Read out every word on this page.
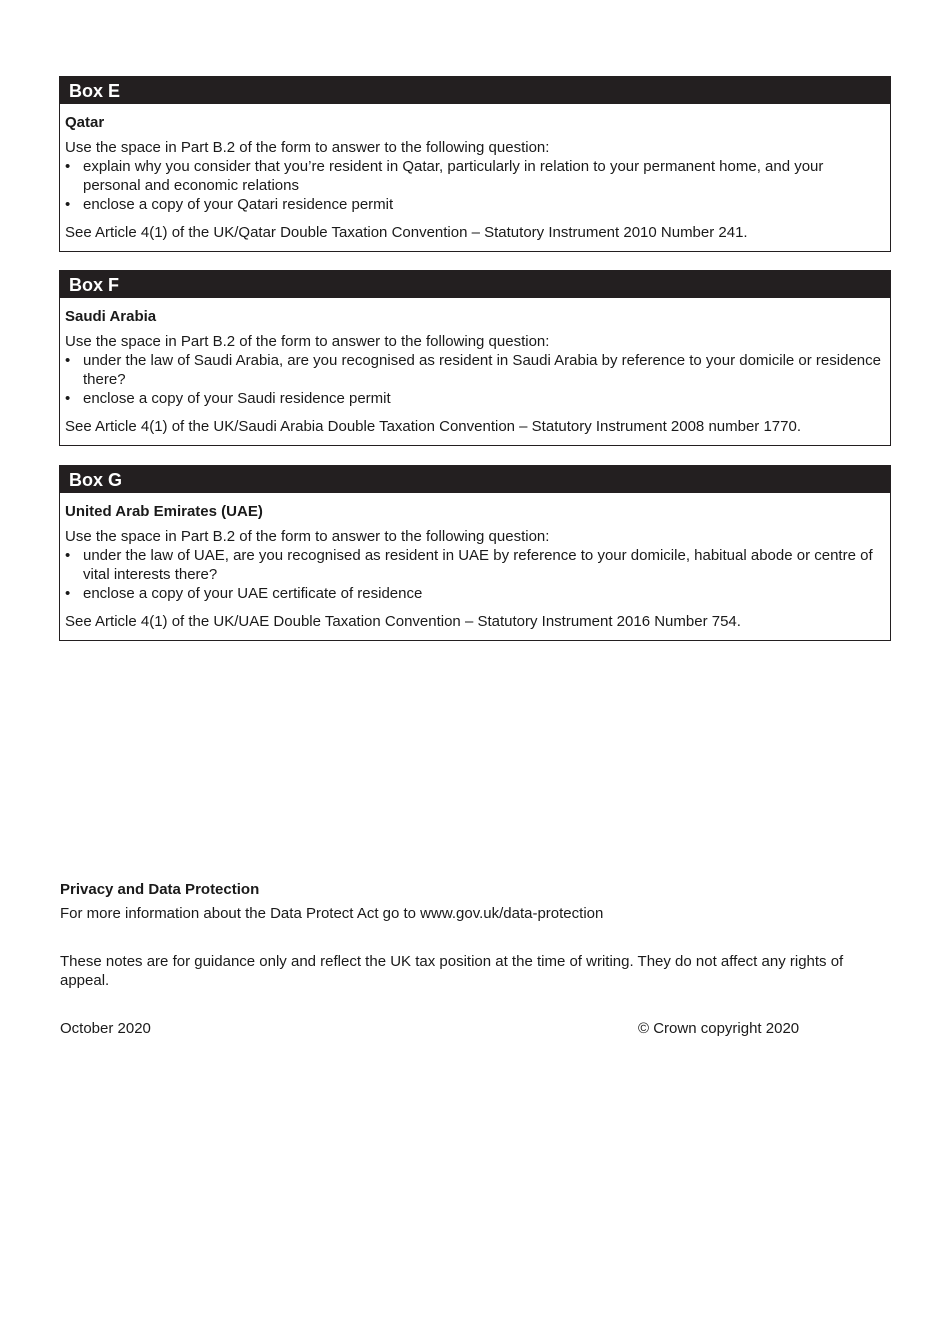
Box E
Qatar

Use the space in Part B.2 of the form to answer to the following question:

• explain why you consider that you’re resident in Qatar, particularly in relation to your permanent home, and your personal and economic relations
• enclose a copy of your Qatari residence permit
See Article 4(1) of the UK/Qatar Double Taxation Convention – Statutory Instrument 2010 Number 241.
Box F
Saudi Arabia

Use the space in Part B.2 of the form to answer to the following question:

• under the law of Saudi Arabia, are you recognised as resident in Saudi Arabia by reference to your domicile or residence there?
• enclose a copy of your Saudi residence permit
See Article 4(1) of the UK/Saudi Arabia Double Taxation Convention – Statutory Instrument 2008 number 1770.
Box G
United Arab Emirates (UAE)

Use the space in Part B.2 of the form to answer to the following question:

• under the law of UAE, are you recognised as resident in UAE by reference to your domicile, habitual abode or centre of vital interests there?
• enclose a copy of your UAE certificate of residence
See Article 4(1) of the UK/UAE Double Taxation Convention – Statutory Instrument 2016 Number 754.
Privacy and Data Protection
For more information about the Data Protect Act go to www.gov.uk/data-protection
These notes are for guidance only and reflect the UK tax position at the time of writing. They do not affect any rights of appeal.
October 2020	© Crown copyright 2020
